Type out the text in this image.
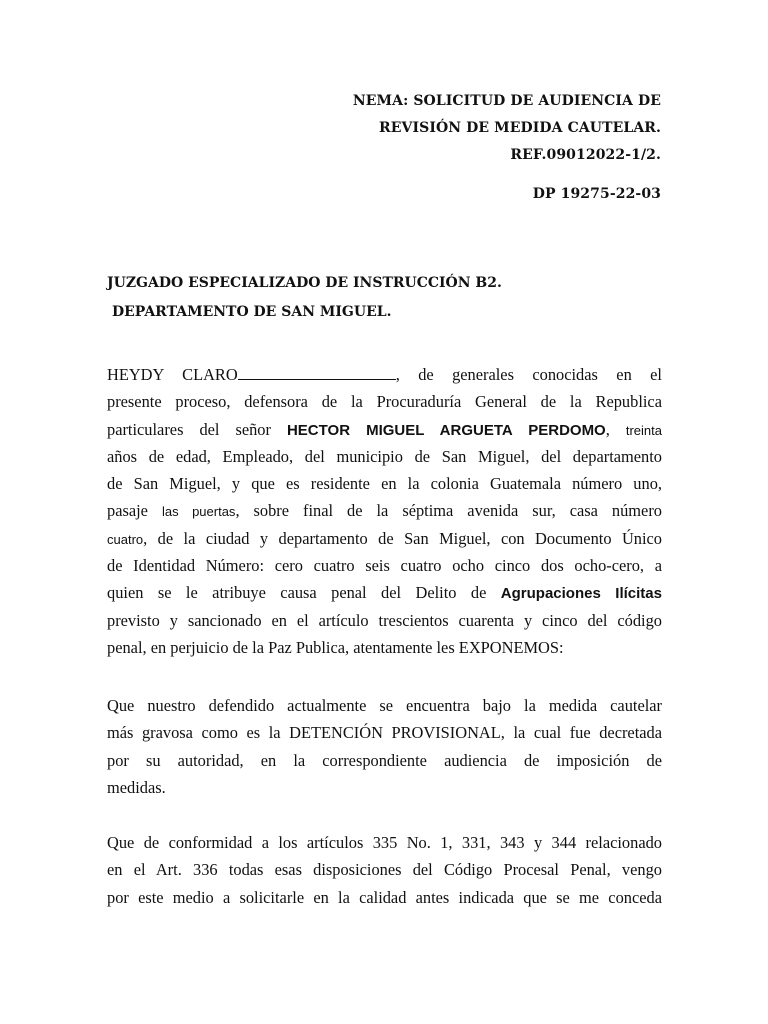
NEMA: SOLICITUD DE AUDIENCIA DE
REVISIÓN DE MEDIDA CAUTELAR.
REF.09012022-1/2.
DP 19275-22-03
JUZGADO ESPECIALIZADO DE INSTRUCCIÓN B2.
DEPARTAMENTO DE SAN MIGUEL.
HEYDY CLARO	, de generales conocidas en el
presente proceso, defensora de la Procuraduría General de la Republica
particulares del señor HECTOR MIGUEL ARGUETA PERDOMO, treinta
años de edad, Empleado, del municipio de San Miguel, del departamento
de San Miguel, y que es residente en la colonia Guatemala número uno,
pasaje las puertas, sobre final de la séptima avenida sur, casa número
cuatro, de la ciudad y departamento de San Miguel, con Documento Único
de Identidad Número: cero cuatro seis cuatro ocho cinco dos ocho-cero, a
quien se le atribuye causa penal del Delito de Agrupaciones Ilícitas
previsto y sancionado en el artículo trescientos cuarenta y cinco del código
penal, en perjuicio de la Paz Publica, atentamente les EXPONEMOS:
Que nuestro defendido actualmente se encuentra bajo la medida cautelar
más gravosa como es la DETENCIÓN PROVISIONAL, la cual fue decretada
por su autoridad, en la correspondiente audiencia de imposición de
medidas.
Que de conformidad a los artículos 335 No. 1, 331, 343 y 344 relacionado
en el Art. 336 todas esas disposiciones del Código Procesal Penal, vengo
por este medio a solicitarle en la calidad antes indicada que se me conceda
